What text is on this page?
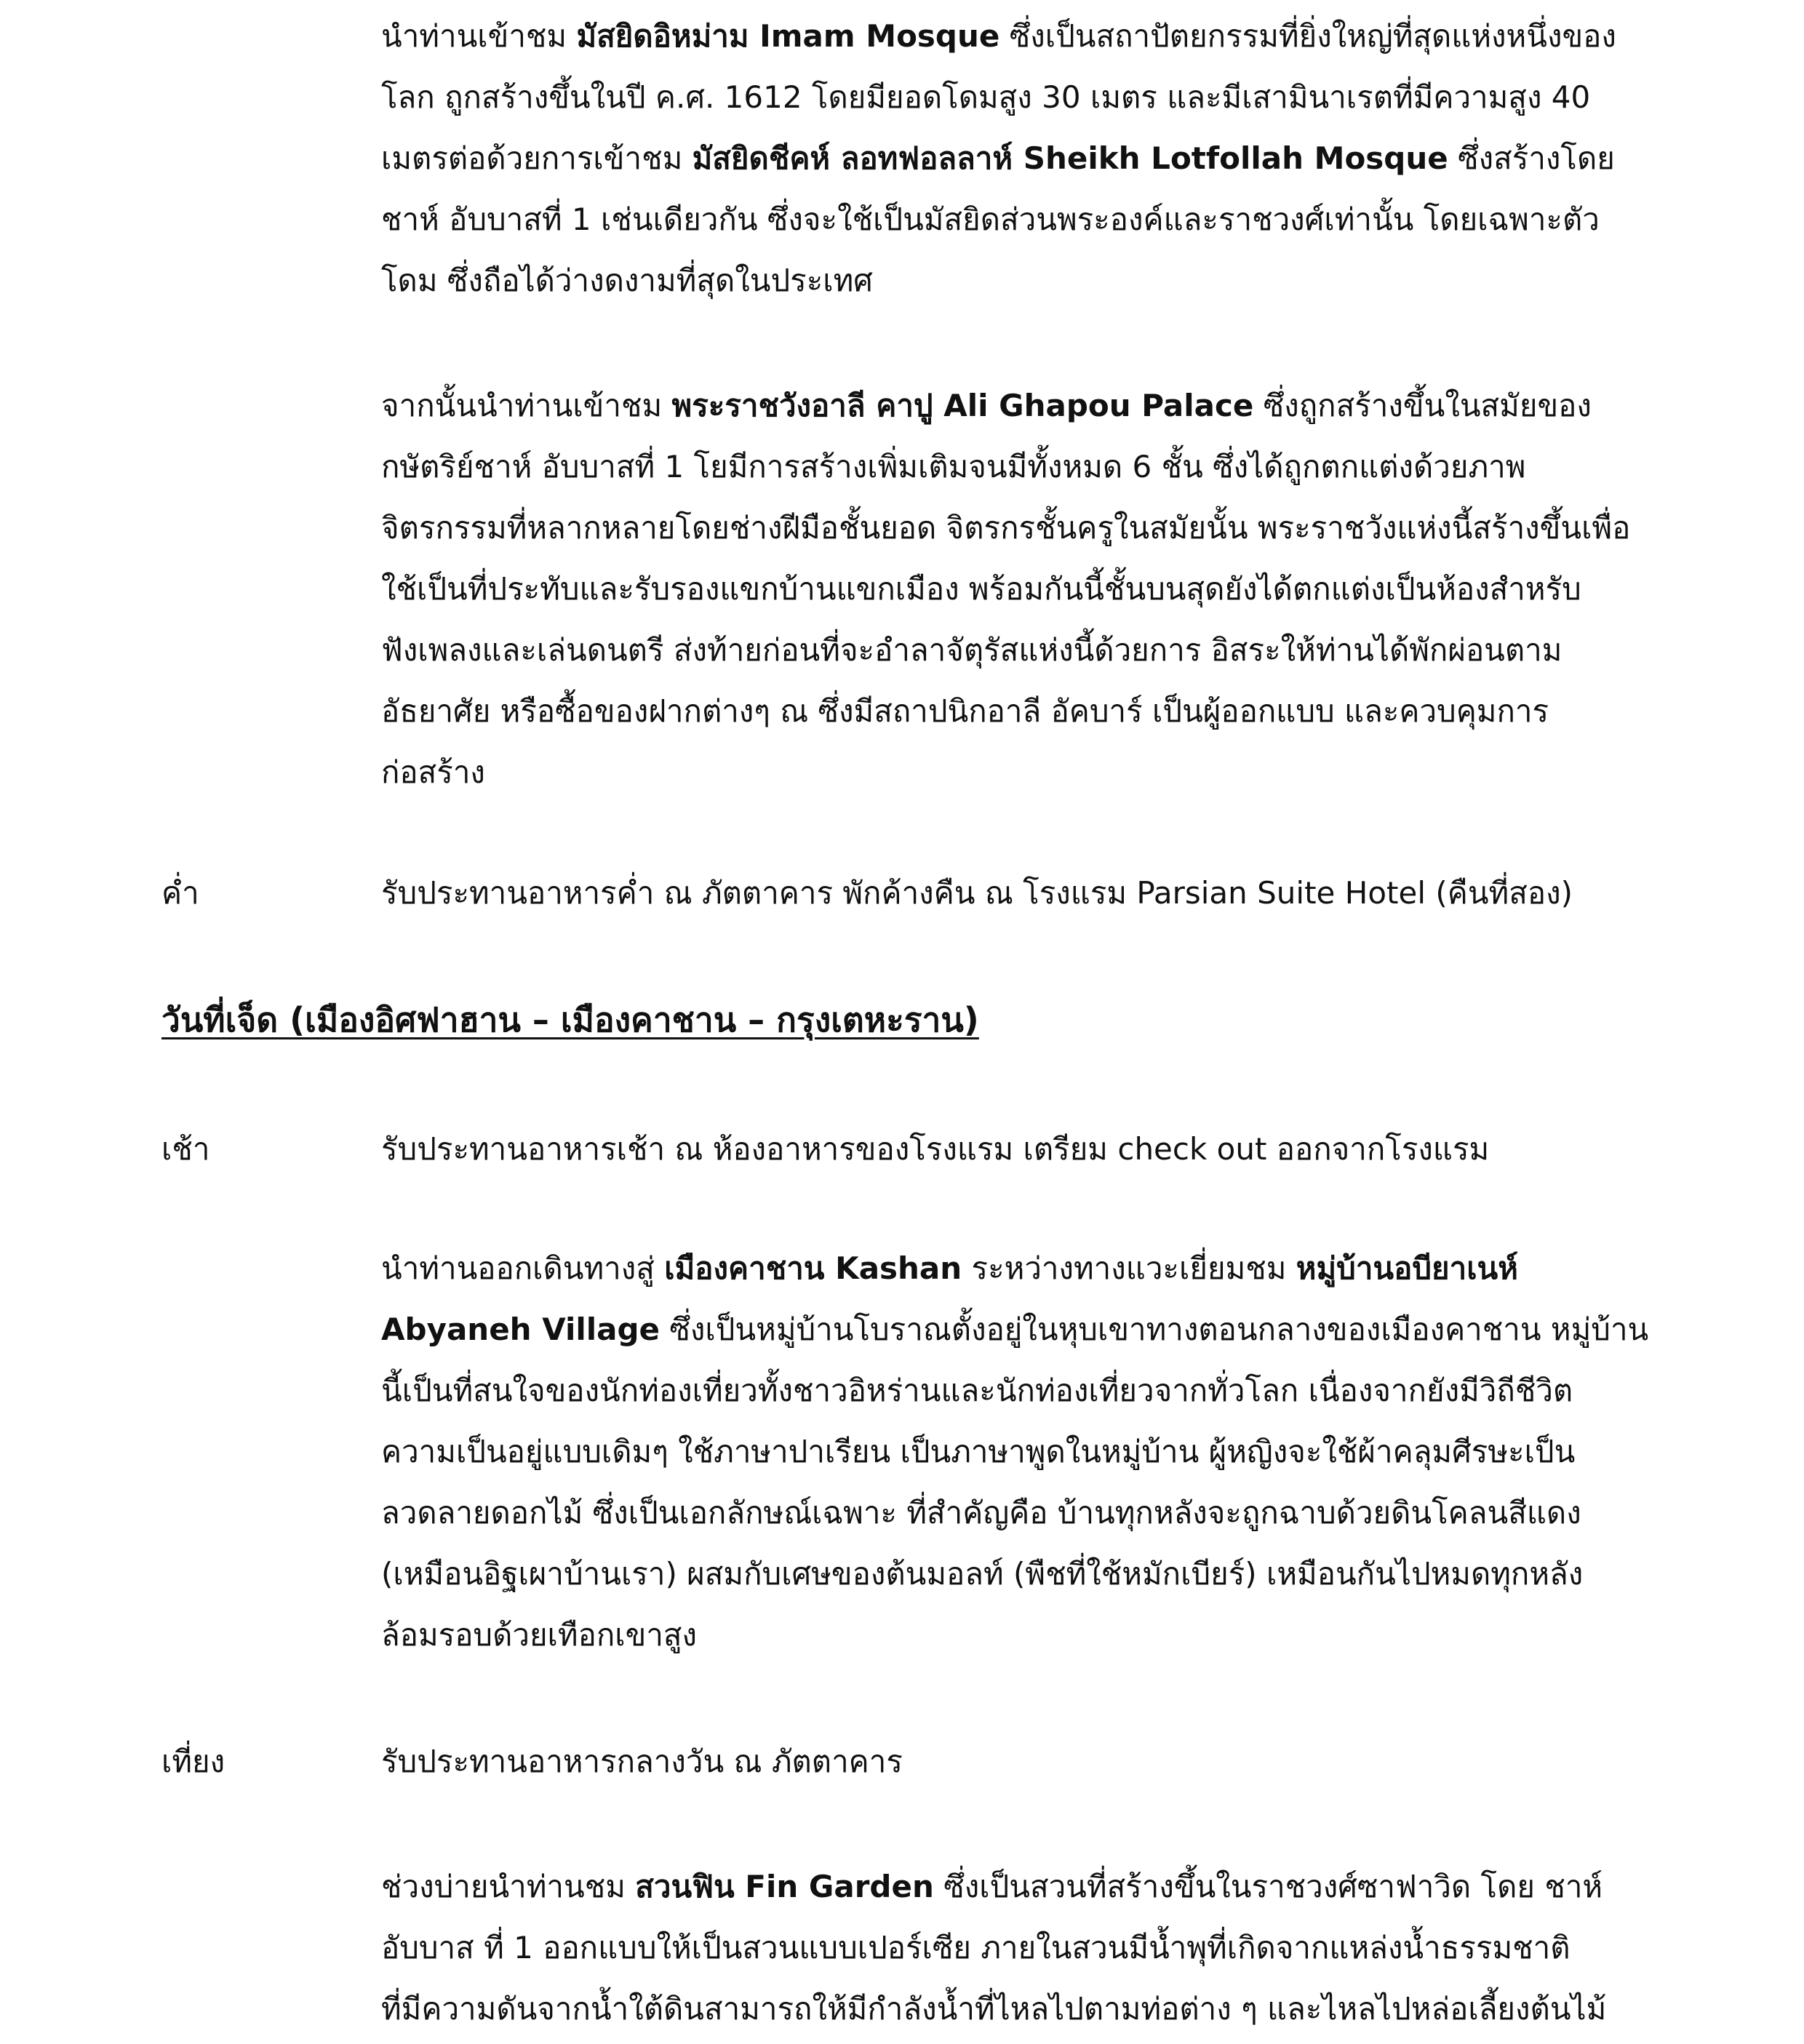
นำท่านเข้าชม มัสยิดอิหม่าม Imam Mosque ซึ่งเป็นสถาปัตยกรรมที่ยิ่งใหญ่ที่สุดแห่งหนึ่งของ
โลก ถูกสร้างขึ้นในปี ค.ศ. 1612 โดยมียอดโดมสูง 30 เมตร และมีเสามินาเรตที่มีความสูง 40
เมตรต่อด้วยการเข้าชม มัสยิดชีคห์ ลอทฟอลลาห์ Sheikh Lotfollah Mosque ซึ่งสร้างโดย
ชาห์ อับบาสที่ 1 เช่นเดียวกัน ซึ่งจะใช้เป็นมัสยิดส่วนพระองค์และราชวงศ์เท่านั้น โดยเฉพาะตัว
โดม ซึ่งถือได้ว่างดงามที่สุดในประเทศ
จากนั้นนำท่านเข้าชม พระราชวังอาลี คาปู Ali Ghapou Palace ซึ่งถูกสร้างขึ้นในสมัยของ
กษัตริย์ชาห์ อับบาสที่ 1 โยมีการสร้างเพิ่มเติมจนมีทั้งหมด 6 ชั้น ซึ่งได้ถูกตกแต่งด้วยภาพ
จิตรกรรมที่หลากหลายโดยช่างฝีมือชั้นยอด จิตรกรชั้นครูในสมัยนั้น พระราชวังแห่งนี้สร้างขึ้นเพื่อ
ใช้เป็นที่ประทับและรับรองแขกบ้านแขกเมือง พร้อมกันนี้ชั้นบนสุดยังได้ตกแต่งเป็นห้องสำหรับ
ฟังเพลงและเล่นดนตรี ส่งท้ายก่อนที่จะอำลาจัตุรัสแห่งนี้ด้วยการ อิสระให้ท่านได้พักผ่อนตาม
อัธยาศัย หรือซื้อของฝากต่างๆ ณ ซึ่งมีสถาปนิกอาลี อัคบาร์ เป็นผู้ออกแบบ และควบคุมการ
ก่อสร้าง
ค่ำ	รับประทานอาหารค่ำ ณ ภัตตาคาร พักค้างคืน ณ โรงแรม Parsian Suite Hotel (คืนที่สอง)
วันที่เจ็ด (เมืองอิศฟาฮาน – เมืองคาชาน – กรุงเตหะราน)
เช้า	รับประทานอาหารเช้า ณ ห้องอาหารของโรงแรม เตรียม check out ออกจากโรงแรม
นำท่านออกเดินทางสู่ เมืองคาชาน Kashan ระหว่างทางแวะเยี่ยมชม หมู่บ้านอบียาเนห์
Abyaneh Village ซึ่งเป็นหมู่บ้านโบราณตั้งอยู่ในหุบเขาทางตอนกลางของเมืองคาชาน หมู่บ้าน
นี้เป็นที่สนใจของนักท่องเที่ยวทั้งชาวอิหร่านและนักท่องเที่ยวจากทั่วโลก เนื่องจากยังมีวิถีชีวิต
ความเป็นอยู่แบบเดิมๆ ใช้ภาษาปาเรียน เป็นภาษาพูดในหมู่บ้าน ผู้หญิงจะใช้ผ้าคลุมศีรษะเป็น
ลวดลายดอกไม้ ซึ่งเป็นเอกลักษณ์เฉพาะ ที่สำคัญคือ บ้านทุกหลังจะถูกฉาบด้วยดินโคลนสีแดง
(เหมือนอิฐเผาบ้านเรา) ผสมกับเศษของต้นมอลท์ (พืชที่ใช้หมักเบียร์) เหมือนกันไปหมดทุกหลัง
ล้อมรอบด้วยเทือกเขาสูง
เที่ยง	รับประทานอาหารกลางวัน ณ ภัตตาคาร
ช่วงบ่ายนำท่านชม สวนฟิน Fin Garden ซึ่งเป็นสวนที่สร้างขึ้นในราชวงศ์ซาฟาวิด โดย ชาห์
อับบาส ที่ 1 ออกแบบให้เป็นสวนแบบเปอร์เซีย ภายในสวนมีน้ำพุที่เกิดจากแหล่งน้ำธรรมชาติ
ที่มีความดันจากน้ำใต้ดินสามารถให้มีกำลังน้ำที่ไหลไปตามท่อต่าง ๆ และไหลไปหล่อเลี้ยงต้นไม้
